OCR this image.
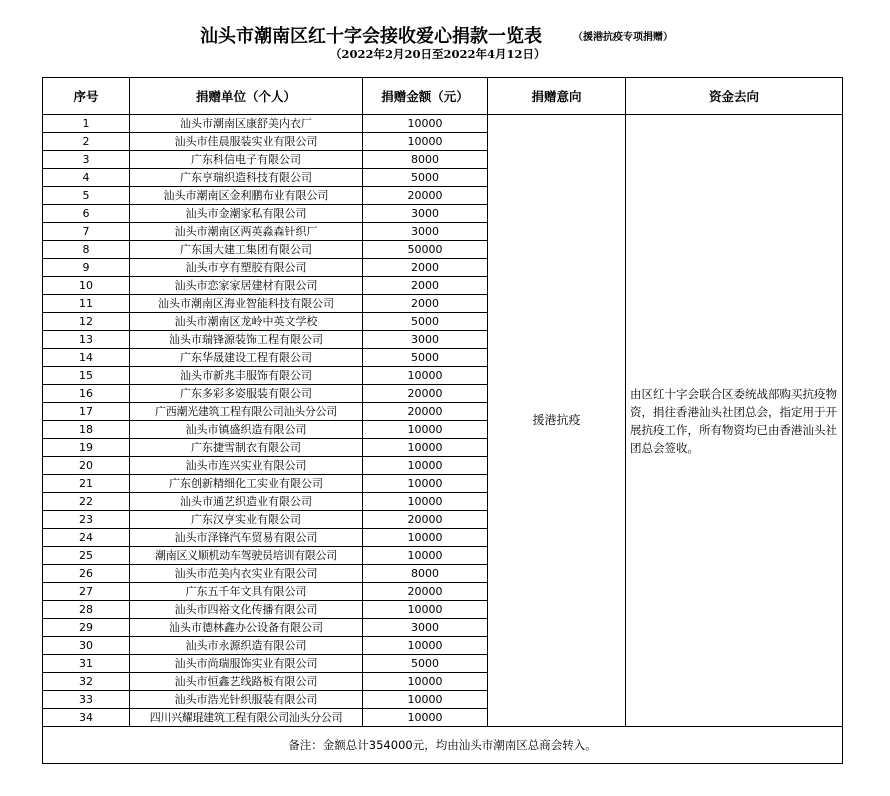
汕头市潮南区红十字会接收爱心捐款一览表	（援港抗疫专项捐赠）
（2022年2月20日至2022年4月12日）
序号	捐赠单位（个人）	捐赠金额（元）	捐赠意向	资金去向
1	汕头市潮南区康舒美内衣厂	10000	援港抗疫	由区红十字会联合区委统战部购买抗疫物资，捐往香港汕头社团总会，指定用于开展抗疫工作，所有物资均已由香港汕头社团总会签收。
2	汕头市佳晨服装实业有限公司	10000		
3	广东科信电子有限公司	8000		
4	广东亨瑞织造科技有限公司	5000		
5	汕头市潮南区金利鹏布业有限公司	20000		
6	汕头市金潮家私有限公司	3000		
7	汕头市潮南区两英淼森针织厂	3000		
8	广东国大建工集团有限公司	50000		
9	汕头市亨有塑胶有限公司	2000		
10	汕头市恋家家居建材有限公司	2000		
11	汕头市潮南区海业智能科技有限公司	2000		
12	汕头市潮南区龙岭中英文学校	5000		
13	汕头市瑞锋源装饰工程有限公司	3000		
14	广东华晟建设工程有限公司	5000		
15	汕头市新兆丰服饰有限公司	10000		
16	广东多彩多姿服装有限公司	20000		
17	广西潮光建筑工程有限公司汕头分公司	20000		
18	汕头市镇盛织造有限公司	10000		
19	广东捷雪制衣有限公司	10000		
20	汕头市连兴实业有限公司	10000		
21	广东创新精细化工实业有限公司	10000		
22	汕头市通艺织造业有限公司	10000		
23	广东汉亨实业有限公司	20000		
24	汕头市泽锋汽车贸易有限公司	10000		
25	潮南区义顺机动车驾驶员培训有限公司	10000		
26	汕头市范美内衣实业有限公司	8000		
27	广东五千年文具有限公司	20000		
28	汕头市四裕文化传播有限公司	10000		
29	汕头市德林鑫办公设备有限公司	3000		
30	汕头市永源织造有限公司	10000		
31	汕头市尚瑞服饰实业有限公司	5000		
32	汕头市恒鑫艺线路板有限公司	10000		
33	汕头市浩光针织服装有限公司	10000		
34	四川兴耀琨建筑工程有限公司汕头分公司	10000		
备注：金额总计354000元，均由汕头市潮南区总商会转入。				
